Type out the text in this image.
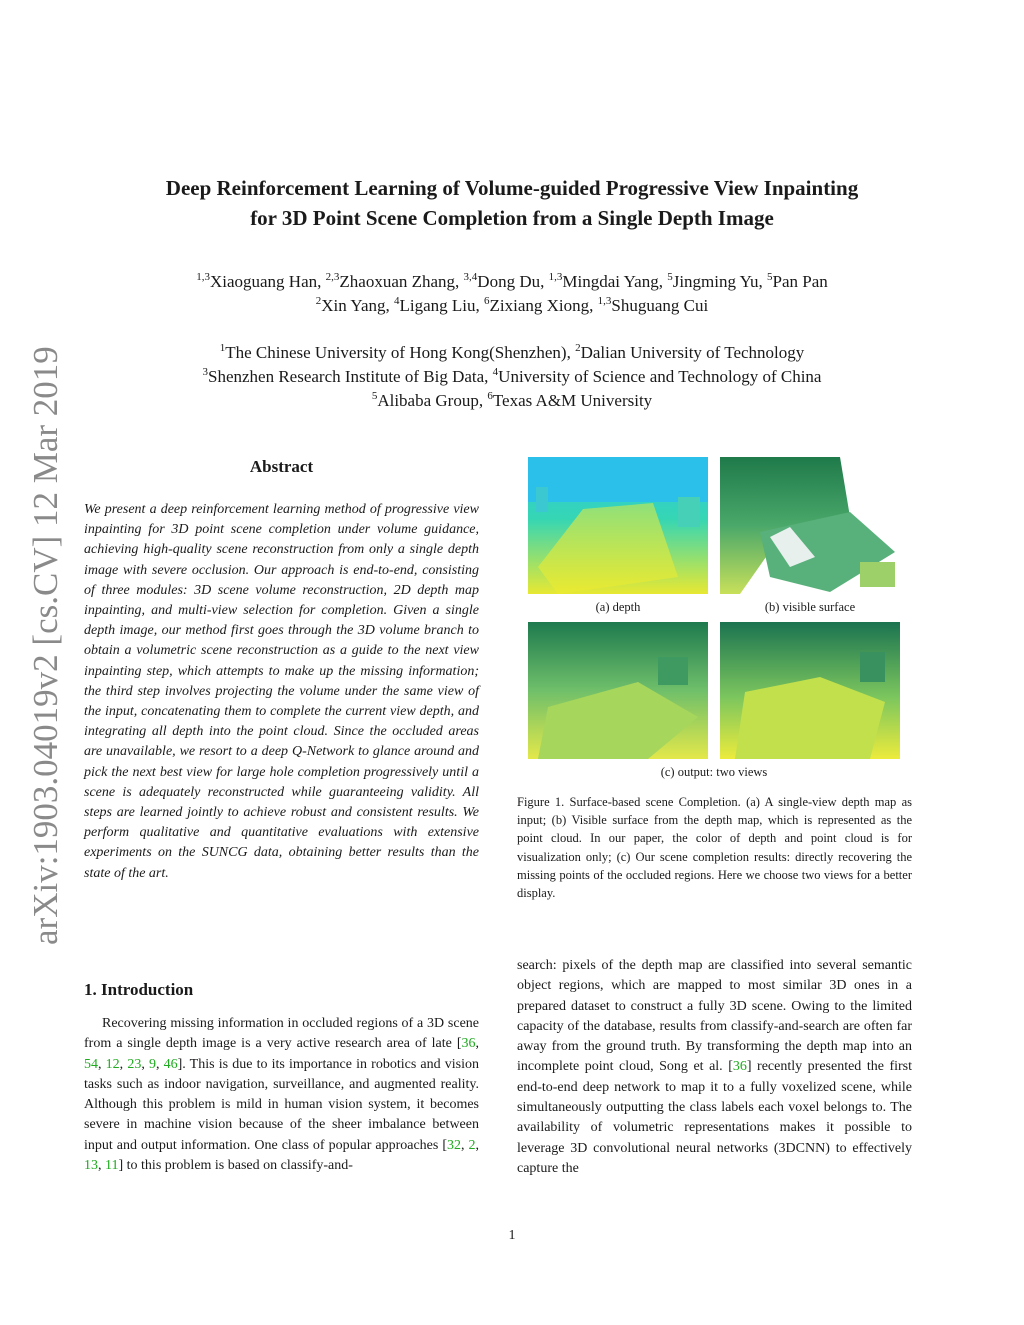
Deep Reinforcement Learning of Volume-guided Progressive View Inpainting
for 3D Point Scene Completion from a Single Depth Image
$^{1,3}$Xiaoguang Han, $^{2,3}$Zhaoxuan Zhang, $^{3,4}$Dong Du, $^{1,3}$Mingdai Yang, $^5$Jingming Yu, $^5$Pan Pan
$^2$Xin Yang, $^4$Ligang Liu, $^6$Zixiang Xiong, $^{1,3}$Shuguang Cui
$^1$The Chinese University of Hong Kong(Shenzhen), $^2$Dalian University of Technology
$^3$Shenzhen Research Institute of Big Data, $^4$University of Science and Technology of China
$^5$Alibaba Group, $^6$Texas A&M University
arXiv:1903.04019v2 [cs.CV] 12 Mar 2019	Abstract
We present a deep reinforcement learning method of progressive view inpainting for 3D point scene completion under volume guidance, achieving high-quality scene reconstruction from only a single depth image with severe occlusion. Our approach is end-to-end, consisting of three modules: 3D scene volume reconstruction, 2D depth map inpainting, and multi-view selection for completion. Given a single depth image, our method first goes through the 3D volume branch to obtain a volumetric scene reconstruction as a guide to the next view inpainting step, which attempts to make up the missing information; the third step involves projecting the volume under the same view of the input, concatenating them to complete the current view depth, and integrating all depth into the point cloud. Since the occluded areas are unavailable, we resort to a deep Q-Network to glance around and pick the next best view for large hole completion progressively until a scene is adequately reconstructed while guaranteeing validity. All steps are learned jointly to achieve robust and consistent results. We perform qualitative and quantitative evaluations with extensive experiments on the SUNCG data, obtaining better results than the state of the art.
1. Introduction
Recovering missing information in occluded regions of a 3D scene from a single depth image is a very active research area of late [36, 54, 12, 23, 9, 46]. This is due to its importance in robotics and vision tasks such as indoor navigation, surveillance, and augmented reality. Although this problem is mild in human vision system, it becomes severe in machine vision because of the sheer imbalance between input and output information. One class of popular approaches [32, 2, 13, 11] to this problem is based on classify-and-
(a) depth	(b) visible surface
(c) output: two views
Figure 1. Surface-based scene Completion. (a) A single-view depth map as input; (b) Visible surface from the depth map, which is represented as the point cloud. In our paper, the color of depth and point cloud is for visualization only; (c) Our scene completion results: directly recovering the missing points of the occluded regions. Here we choose two views for a better display.
search: pixels of the depth map are classified into several semantic object regions, which are mapped to most similar 3D ones in a prepared dataset to construct a fully 3D scene. Owing to the limited capacity of the database, results from classify-and-search are often far away from the ground truth. By transforming the depth map into an incomplete point cloud, Song et al. [36] recently presented the first end-to-end deep network to map it to a fully voxelized scene, while simultaneously outputting the class labels each voxel belongs to. The availability of volumetric representations makes it possible to leverage 3D convolutional neural networks (3DCNN) to effectively capture the
1
